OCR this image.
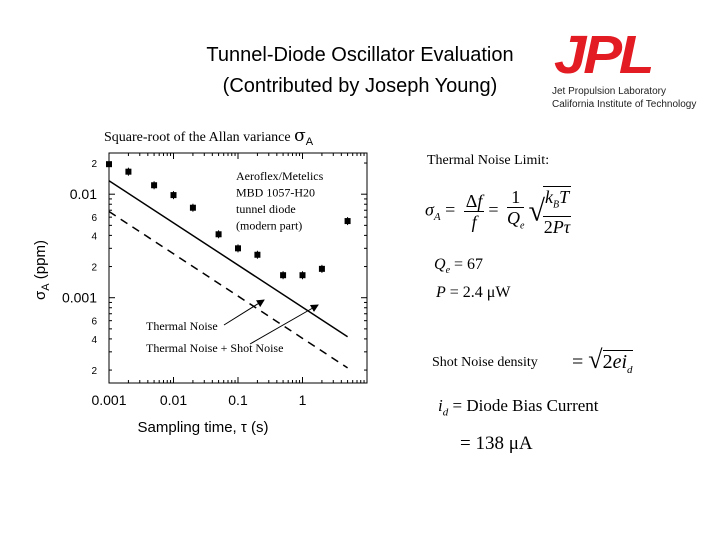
Tunnel-Diode Oscillator Evaluation
(Contributed by Joseph Young)
JPL
Jet Propulsion Laboratory
California Institute of Technology
Square-root of the Allan variance $\sigma_A$
0.001 0.01	0.1	1
2
4
6
0.001
2
4
6
0.01
2
Sampling time, τ (s)
$\sigma_A$ (ppm)
Aeroflex/Metelics
MBD 1057-H20
tunnel diode
(modern part)
Thermal Noise
Thermal Noise + Shot Noise
Thermal Noise Limit:
$\sigma_A = \frac{\Delta f}{f} = \frac{1}{Q_e}$ √
$\frac{k_BT}{2P\tau}$
$Q_e = 67$
P = 2.4 μW
Shot Noise density = $√2ei_d$
$i_d$ = Diode Bias Current
= 138 μA
